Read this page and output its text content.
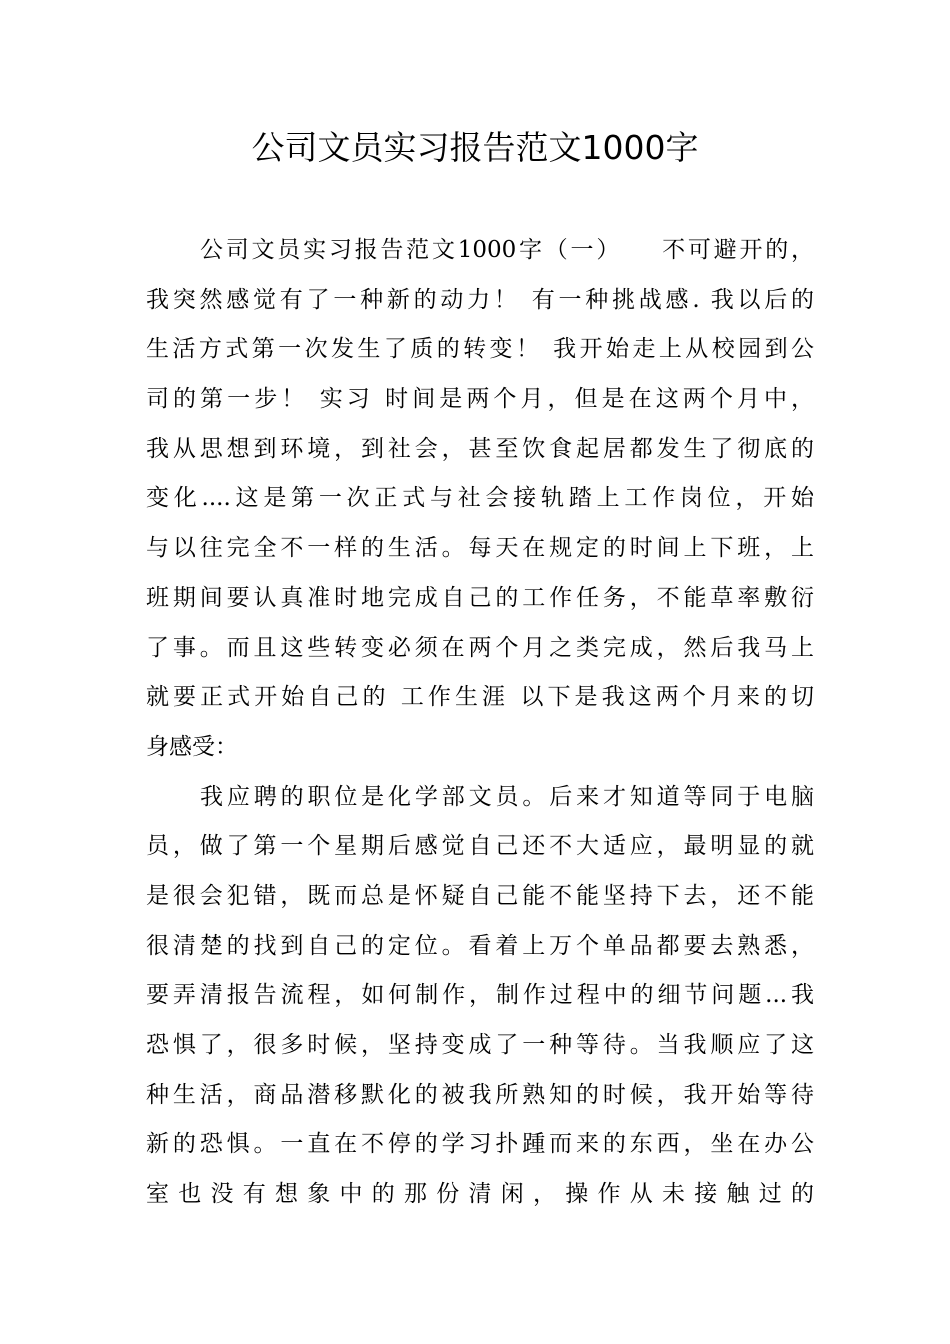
公司文员实习报告范文1000字
公司文员实习报告范文1000字（一）　　不可避开的，
我突然感觉有了一种新的动力！ 有一种挑战感. 我以后的
生活方式第一次发生了质的转变！ 我开始走上从校园到公
司的第一步！ 实习 时间是两个月，但是在这两个月中，
我从思想到环境，到社会，甚至饮食起居都发生了彻底的
变化....这是第一次正式与社会接轨踏上工作岗位，开始
与以往完全不一样的生活。每天在规定的时间上下班，上
班期间要认真准时地完成自己的工作任务，不能草率敷衍
了事。而且这些转变必须在两个月之类完成，然后我马上
就要正式开始自己的 工作生涯 以下是我这两个月来的切
身感受：
我应聘的职位是化学部文员。后来才知道等同于电脑
员，做了第一个星期后感觉自己还不大适应，最明显的就
是很会犯错，既而总是怀疑自己能不能坚持下去，还不能
很清楚的找到自己的定位。看着上万个单品都要去熟悉，
要弄清报告流程，如何制作，制作过程中的细节问题...我
恐惧了，很多时候，坚持变成了一种等待。当我顺应了这
种生活，商品潜移默化的被我所熟知的时候，我开始等待
新的恐惧。一直在不停的学习扑踵而来的东西，坐在办公
室也没有想象中的那份清闲，操作从未接触过的
